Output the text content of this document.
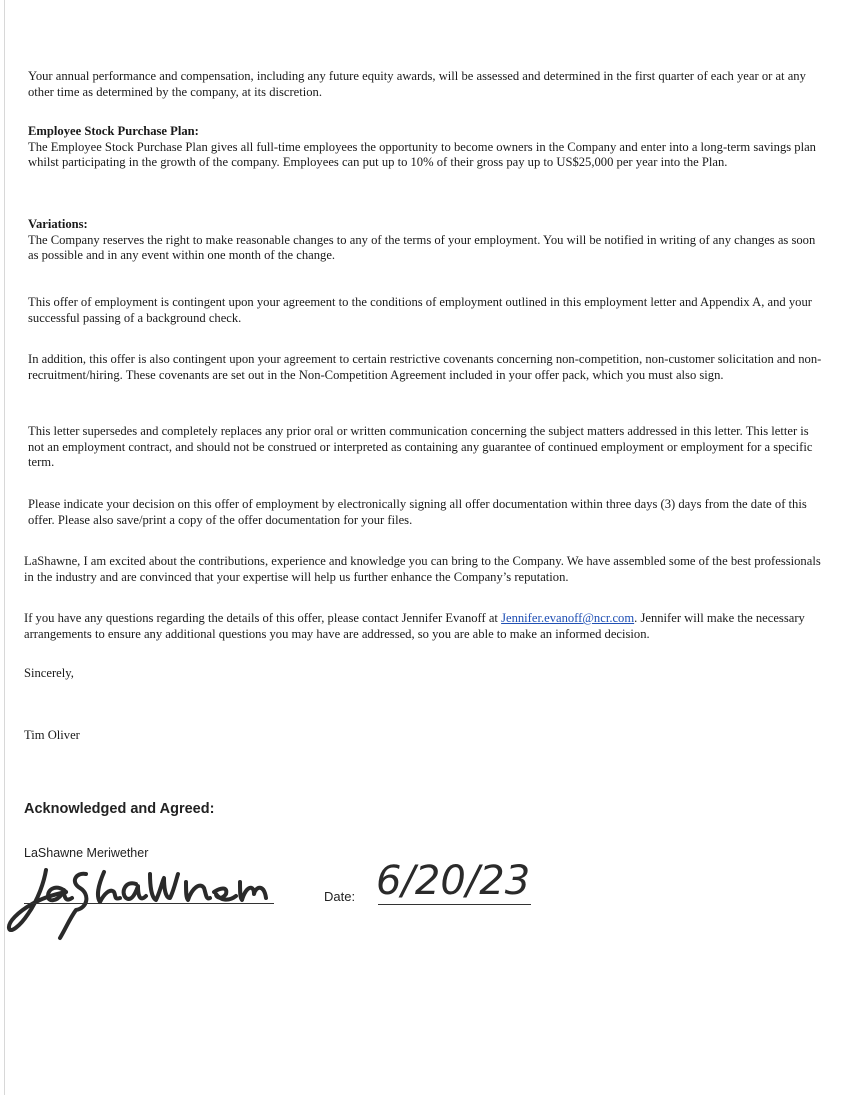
Your annual performance and compensation, including any future equity awards, will be assessed and determined in the first quarter of each year or at any other time as determined by the company, at its discretion.

Employee Stock Purchase Plan:

The Employee Stock Purchase Plan gives all full-time employees the opportunity to become owners in the Company and enter into a long-term savings plan whilst participating in the growth of the company. Employees can put up to 10% of their gross pay up to US$25,000 per year into the Plan.

Variations:

The Company reserves the right to make reasonable changes to any of the terms of your employment. You will be notified in writing of any changes as soon as possible and in any event within one month of the change.

This offer of employment is contingent upon your agreement to the conditions of employment outlined in this employment letter and Appendix A, and your successful passing of a background check.

In addition, this offer is also contingent upon your agreement to certain restrictive covenants concerning non-competition, non-customer solicitation and non-recruitment/hiring. These covenants are set out in the Non-Competition Agreement included in your offer pack, which you must also sign.

This letter supersedes and completely replaces any prior oral or written communication concerning the subject matters addressed in this letter. This letter is not an employment contract, and should not be construed or interpreted as containing any guarantee of continued employment or employment for a specific term.

Please indicate your decision on this offer of employment by electronically signing all offer documentation within three days (3) days from the date of this offer. Please also save/print a copy of the offer documentation for your files.

LaShawne, I am excited about the contributions, experience and knowledge you can bring to the Company. We have assembled some of the best professionals in the industry and are convinced that your expertise will help us further enhance the Company’s reputation.

If you have any questions regarding the details of this offer, please contact Jennifer Evanoff at Jennifer.evanoff@ncr.com. Jennifer will make the necessary arrangements to ensure any additional questions you may have are addressed, so you are able to make an informed decision.

Sincerely,

Tim Oliver

Acknowledged and Agreed:
LaShawne Meriwether
Date: 6/20/23
